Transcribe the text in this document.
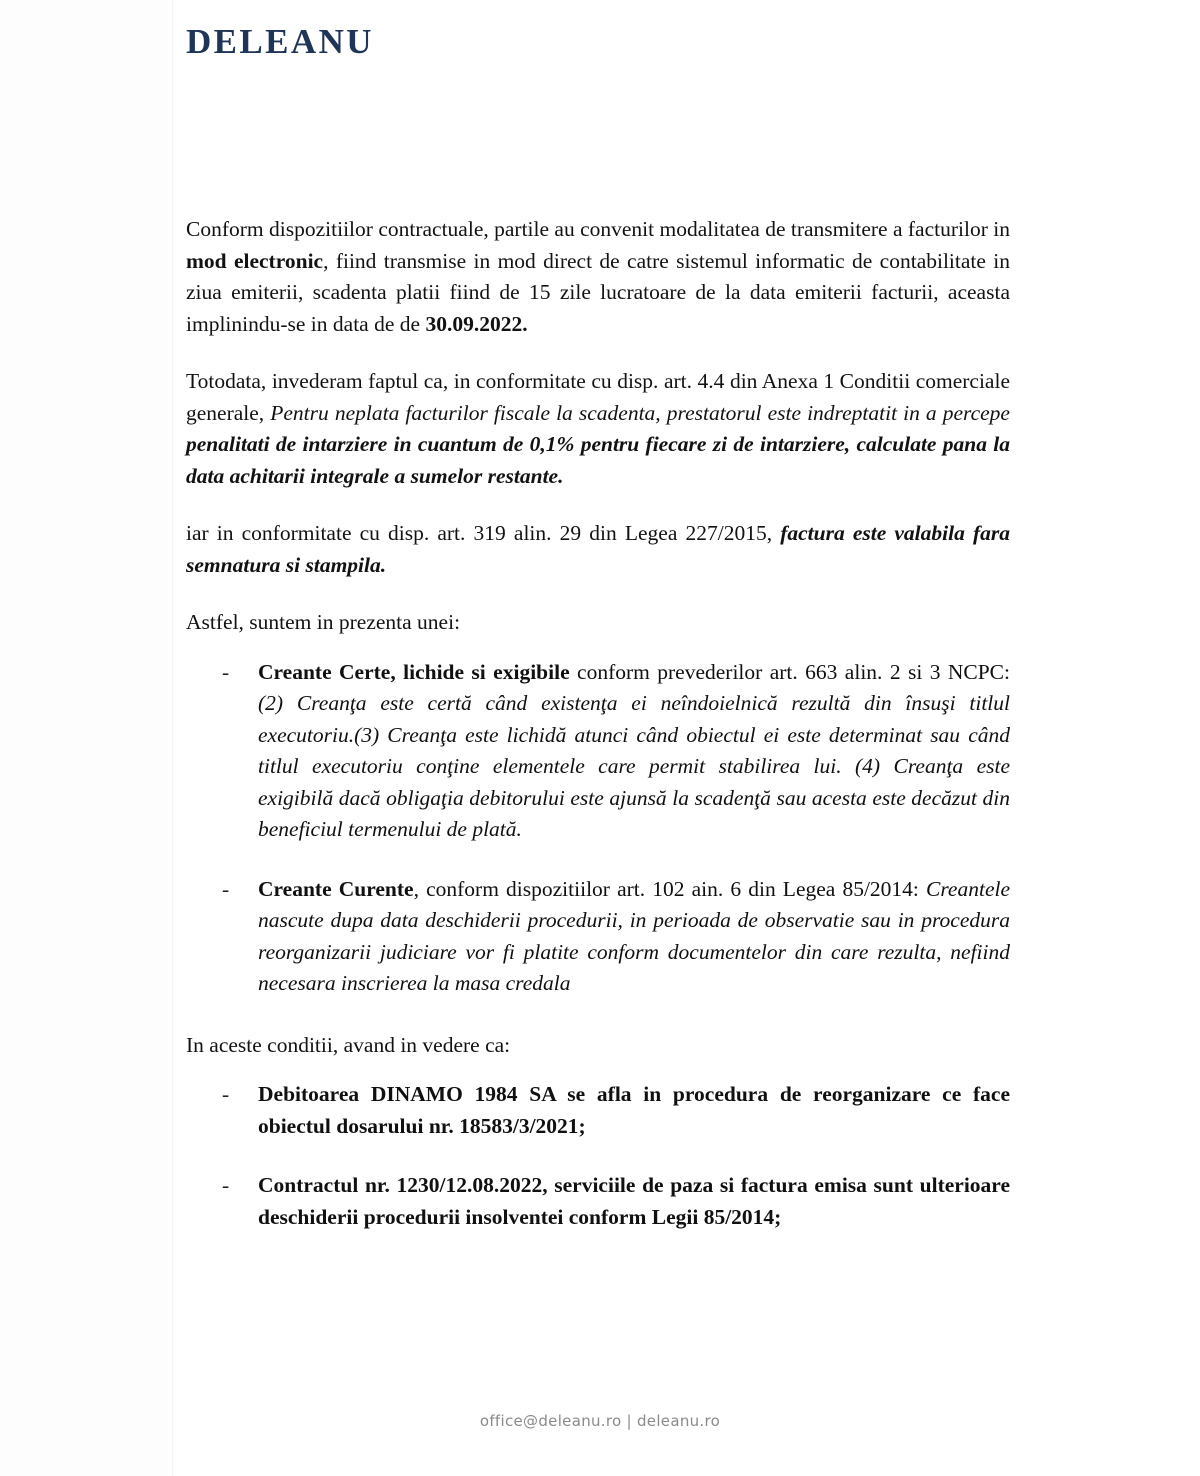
DELEANU

Conform dispozitiilor contractuale, partile au convenit modalitatea de transmitere a facturilor in mod electronic, fiind transmise in mod direct de catre sistemul informatic de contabilitate in ziua emiterii, scadenta platii fiind de 15 zile lucratoare de la data emiterii facturii, aceasta implinindu-se in data de de 30.09.2022.

Totodata, invederam faptul ca, in conformitate cu disp. art. 4.4 din Anexa 1 Conditii comerciale generale, Pentru neplata facturilor fiscale la scadenta, prestatorul este indreptatit in a percepe penalitati de intarziere in cuantum de 0,1% pentru fiecare zi de intarziere, calculate pana la data achitarii integrale a sumelor restante.

iar in conformitate cu disp. art. 319 alin. 29 din Legea 227/2015, factura este valabila fara semnatura si stampila.

Astfel, suntem in prezenta unei:

- Creante Certe, lichide si exigibile conform prevederilor art. 663 alin. 2 si 3 NCPC: (2) Creanţa este certă când existenţa ei neîndoielnică rezultă din însuşi titlul executoriu.(3) Creanţa este lichidă atunci când obiectul ei este determinat sau când titlul executoriu conţine elementele care permit stabilirea lui. (4) Creanţa este exigibilă dacă obligaţia debitorului este ajunsă la scadenţă sau acesta este decăzut din beneficiul termenului de plată.
- Creante Curente, conform dispozitiilor art. 102 ain. 6 din Legea 85/2014: Creantele nascute dupa data deschiderii procedurii, in perioada de observatie sau in procedura reorganizarii judiciare vor fi platite conform documentelor din care rezulta, nefiind necesara inscrierea la masa credala

In aceste conditii, avand in vedere ca:

- Debitoarea DINAMO 1984 SA se afla in procedura de reorganizare ce face obiectul dosarului nr. 18583/3/2021;
- Contractul nr. 1230/12.08.2022, serviciile de paza si factura emisa sunt ulterioare deschiderii procedurii insolventei conform Legii 85/2014;
office@deleanu.ro | deleanu.ro
